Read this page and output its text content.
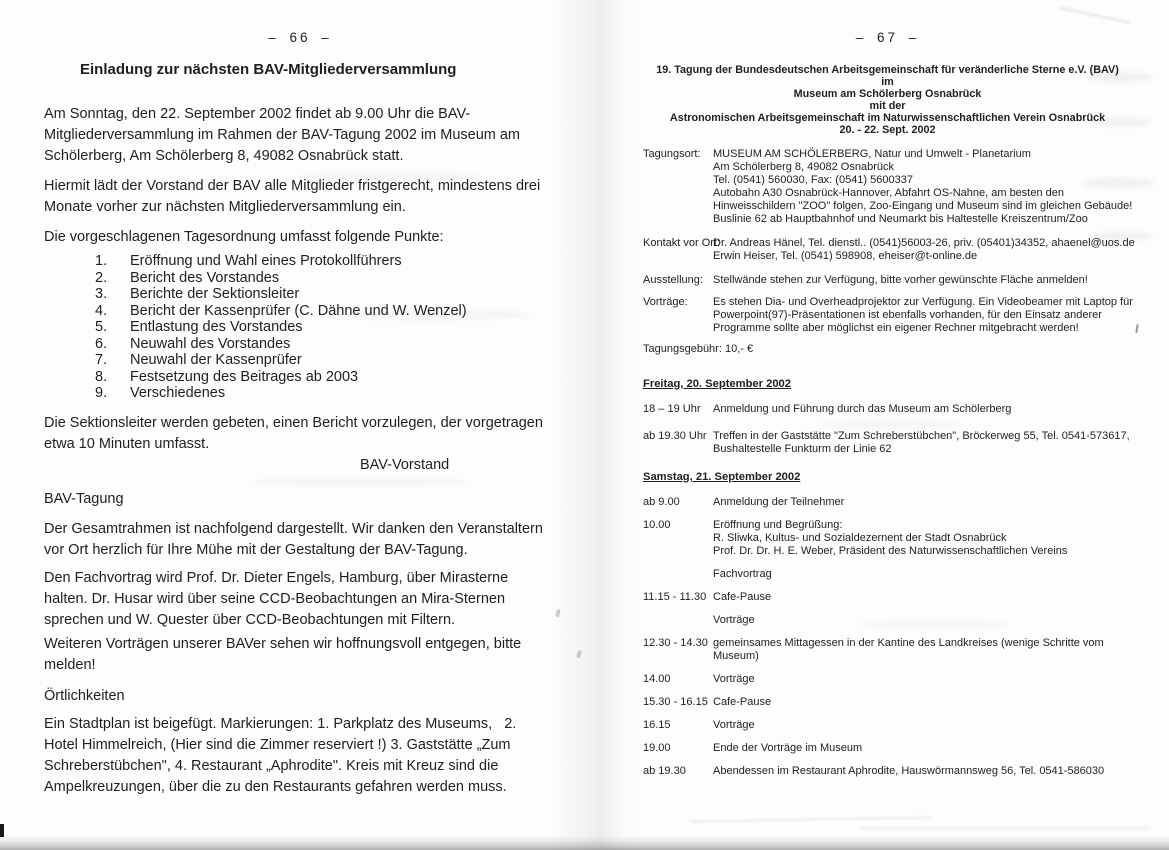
– 66 –
Einladung zur nächsten BAV-Mitgliederversammlung
Am Sonntag, den 22. September 2002 findet ab 9.00 Uhr die BAV-
Mitgliederversammlung im Rahmen der BAV-Tagung 2002 im Museum am
Schölerberg, Am Schölerberg 8, 49082 Osnabrück statt.
Hiermit lädt der Vorstand der BAV alle Mitglieder fristgerecht, mindestens drei
Monate vorher zur nächsten Mitgliederversammlung ein.
Die vorgeschlagenen Tagesordnung umfasst folgende Punkte:
1.	Eröffnung und Wahl eines Protokollführers
2.	Bericht des Vorstandes
3.	Berichte der Sektionsleiter
4.	Bericht der Kassenprüfer (C. Dähne und W. Wenzel)
5.	Entlastung des Vorstandes
6.	Neuwahl des Vorstandes
7.	Neuwahl der Kassenprüfer
8.	Festsetzung des Beitrages ab 2003
9.	Verschiedenes
Die Sektionsleiter werden gebeten, einen Bericht vorzulegen, der vorgetragen
etwa 10 Minuten umfasst.
BAV-Vorstand
BAV-Tagung
Der Gesamtrahmen ist nachfolgend dargestellt. Wir danken den Veranstaltern
vor Ort herzlich für Ihre Mühe mit der Gestaltung der BAV-Tagung.
Den Fachvortrag wird Prof. Dr. Dieter Engels, Hamburg, über Mirasterne
halten. Dr. Husar wird über seine CCD-Beobachtungen an Mira-Sternen
sprechen und W. Quester über CCD-Beobachtungen mit Filtern.
Weiteren Vorträgen unserer BAVer sehen wir hoffnungsvoll entgegen, bitte
melden!
Örtlichkeiten
Ein Stadtplan ist beigefügt. Markierungen: 1. Parkplatz des Museums,   2.
Hotel Himmelreich, (Hier sind die Zimmer reserviert !) 3. Gaststätte „Zum
Schreberstübchen", 4. Restaurant „Aphrodite". Kreis mit Kreuz sind die
Ampelkreuzungen, über die zu den Restaurants gefahren werden muss.
– 67 –
19. Tagung der Bundesdeutschen Arbeitsgemeinschaft für veränderliche Sterne e.V. (BAV)
im
Museum am Schölerberg Osnabrück
mit der
Astronomischen Arbeitsgemeinschaft im Naturwissenschaftlichen Verein Osnabrück
20. - 22. Sept. 2002
Tagungsort:	MUSEUM AM SCHÖLERBERG, Natur und Umwelt - Planetarium
Am Schölerberg 8, 49082 Osnabrück
Tel. (0541) 560030, Fax: (0541) 5600337
Autobahn A30 Osnabrück-Hannover, Abfahrt OS-Nahne, am besten den
Hinweisschildern "ZOO" folgen, Zoo-Eingang und Museum sind im gleichen Gebäude!
Buslinie 62 ab Hauptbahnhof und Neumarkt bis Haltestelle Kreiszentrum/Zoo
Kontakt vor Ort:
Dr. Andreas Hänel, Tel. dienstl.. (0541)56003-26, priv. (05401)34352, ahaenel@uos.de
Erwin Heiser, Tel. (0541) 598908, eheiser@t-online.de
Ausstellung: Stellwände stehen zur Verfügung, bitte vorher gewünschte Fläche anmelden!
Vorträge:	Es stehen Dia- und Overheadprojektor zur Verfügung. Ein Videobeamer mit Laptop für
Powerpoint(97)-Präsentationen ist ebenfalls vorhanden, für den Einsatz anderer
Programme sollte aber möglichst ein eigener Rechner mitgebracht werden!
Tagungsgebühr: 10,- €
Freitag, 20. September 2002
18 – 19 Uhr	Anmeldung und Führung durch das Museum am Schölerberg
ab 19.30 Uhr Treffen in der Gaststätte "Zum Schreberstübchen", Bröckerweg 55, Tel. 0541-573617,
Bushaltestelle Funkturm der Linie 62
Samstag, 21. September 2002
ab 9.00	Anmeldung der Teilnehmer
10.00	Eröffnung und Begrüßung:
R. Sliwka, Kultus- und Sozialdezernent der Stadt Osnabrück
Prof. Dr. Dr. H. E. Weber, Präsident des Naturwissenschaftlichen Vereins
Fachvortrag
11.15 - 11.30 Cafe-Pause
Vorträge
12.30 - 14.30 gemeinsames Mittagessen in der Kantine des Landkreises (wenige Schritte vom
Museum)
14.00	Vorträge
15.30 - 16.15 Cafe-Pause
16.15	Vorträge
19.00	Ende der Vorträge im Museum
ab 19.30	Abendessen im Restaurant Aphrodite, Hauswörmannsweg 56, Tel. 0541-586030
